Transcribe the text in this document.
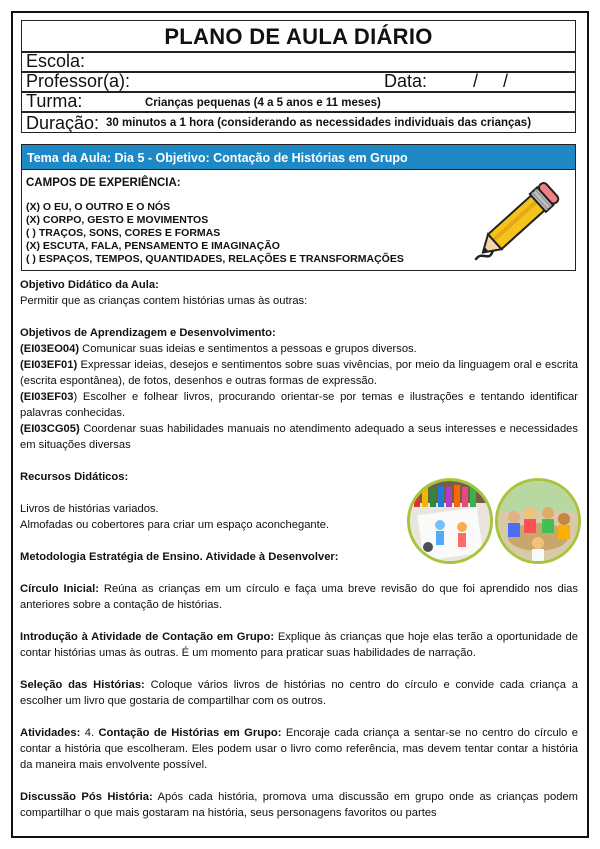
PLANO DE AULA DIÁRIO
Escola:
Professor(a):	Data:	/     /
Turma:	Crianças pequenas (4 a 5 anos e 11 meses)
Duração: 30 minutos a 1 hora (considerando as necessidades individuais das crianças)
Tema da Aula: Dia 5 - Objetivo: Contação de Histórias em Grupo
CAMPOS DE EXPERIÊNCIA:
(X) O EU, O OUTRO E O NÓS
(X) CORPO, GESTO E MOVIMENTOS
( ) TRAÇOS, SONS, CORES E FORMAS
(X) ESCUTA, FALA, PENSAMENTO E IMAGINAÇÃO
( ) ESPAÇOS, TEMPOS, QUANTIDADES, RELAÇÕES E TRANSFORMAÇÕES

Objetivo Didático da Aula:

Permitir que as crianças contem histórias umas às outras:

Objetivos de Aprendizagem e Desenvolvimento:

(EI03EO04) Comunicar suas ideias e sentimentos a pessoas e grupos diversos.

(EI03EF01) Expressar ideias, desejos e sentimentos sobre suas vivências, por meio da linguagem oral e escrita (escrita espontânea), de fotos, desenhos e outras formas de expressão.

(EI03EF03) Escolher e folhear livros, procurando orientar-se por temas e ilustrações e tentando identificar palavras conhecidas.

(EI03CG05) Coordenar suas habilidades manuais no atendimento adequado a seus interesses e necessidades em situações diversas

Recursos Didáticos:

Livros de histórias variados.

Almofadas ou cobertores para criar um espaço aconchegante.

Metodologia Estratégia de Ensino. Atividade à Desenvolver:

Círculo Inicial: Reúna as crianças em um círculo e faça uma breve revisão do que foi aprendido nos dias anteriores sobre a contação de histórias.

Introdução à Atividade de Contação em Grupo: Explique às crianças que hoje elas terão a oportunidade de contar histórias umas às outras. É um momento para praticar suas habilidades de narração.

Seleção das Histórias: Coloque vários livros de histórias no centro do círculo e convide cada criança a escolher um livro que gostaria de compartilhar com os outros.

Atividades: 4. Contação de Histórias em Grupo: Encoraje cada criança a sentar-se no centro do círculo e contar a história que escolheram. Eles podem usar o livro como referência, mas devem tentar contar a história da maneira mais envolvente possível.

Discussão Pós História: Após cada história, promova uma discussão em grupo onde as crianças podem compartilhar o que mais gostaram na história, seus personagens favoritos ou partes
